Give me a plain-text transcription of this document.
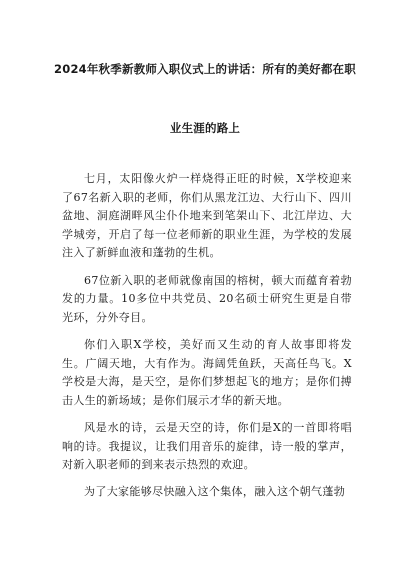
2024年秋季新教师入职仪式上的讲话：所有的美好都在职
业生涯的路上

七月，太阳像火炉一样烧得正旺的时候，X学校迎来了67名新入职的老师，你们从黑龙江边、大行山下、四川盆地、洞庭湖畔风尘仆仆地来到笔架山下、北江岸边、大学城旁，开启了每一位老师新的职业生涯，为学校的发展注入了新鲜血液和蓬勃的生机。

67位新入职的老师就像南国的榕树，顿大而蕴育着勃发的力量。10多位中共党员、20名硕士研究生更是自带光环，分外夺目。

你们入职X学校，美好而又生动的育人故事即将发生。广阔天地，大有作为。海阔凭鱼跃，天高任鸟飞。X学校是大海，是天空，是你们梦想起飞的地方；是你们搏击人生的新场域；是你们展示才华的新天地。

风是水的诗，云是天空的诗，你们是X的一首即将唱响的诗。我提议，让我们用音乐的旋律，诗一般的掌声，对新入职老师的到来表示热烈的欢迎。

为了大家能够尽快融入这个集体，融入这个朝气蓬勃
